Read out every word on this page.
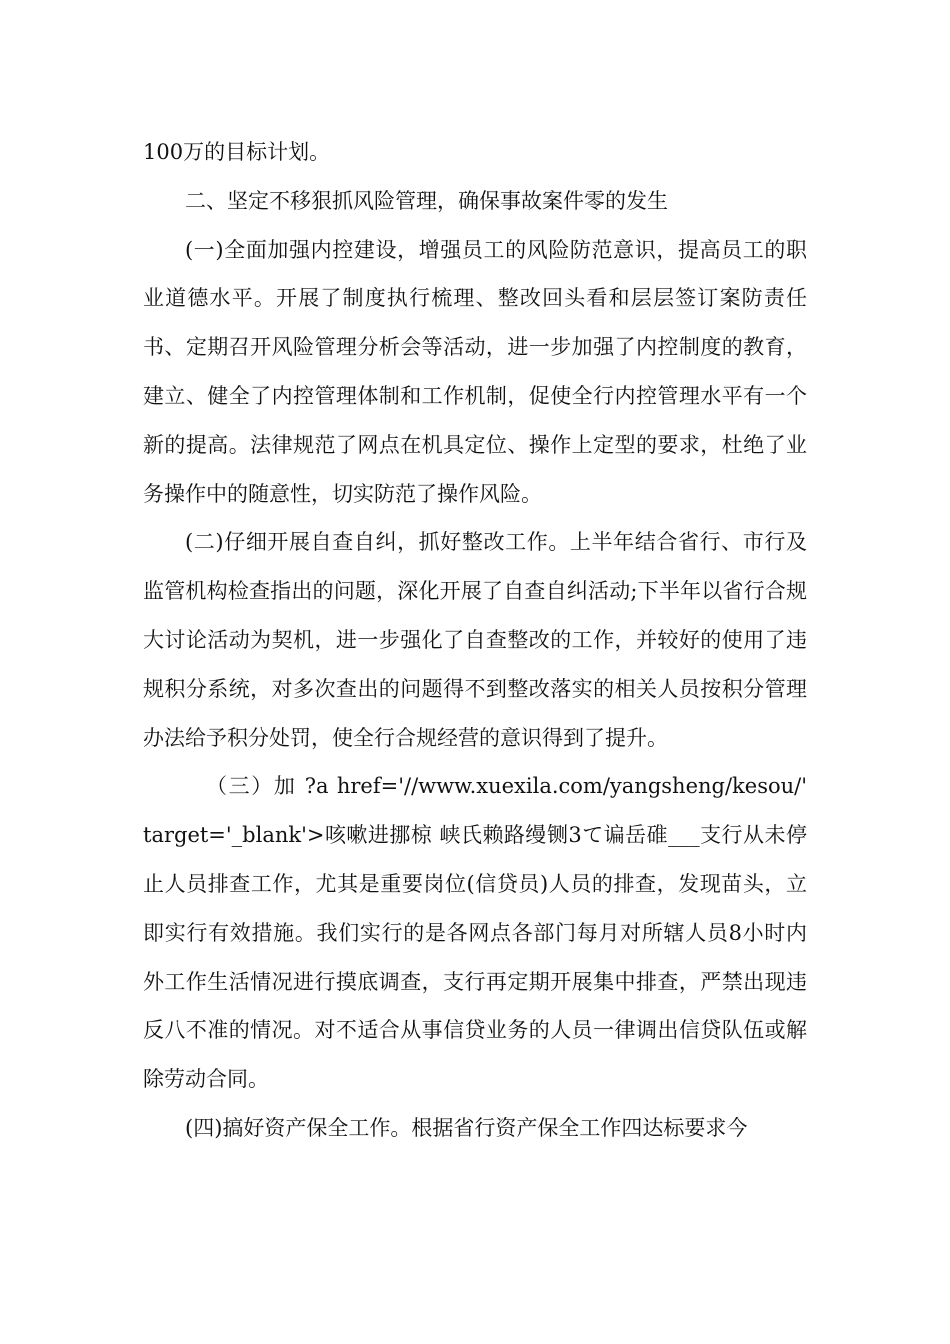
100万的目标计划。

二、坚定不移狠抓风险管理，确保事故案件零的发生

(一)全面加强内控建设，增强员工的风险防范意识，提高员工的职业道德水平。开展了制度执行梳理、整改回头看和层层签订案防责任书、定期召开风险管理分析会等活动，进一步加强了内控制度的教育，建立、健全了内控管理体制和工作机制，促使全行内控管理水平有一个新的提高。法律规范了网点在机具定位、操作上定型的要求，杜绝了业务操作中的随意性，切实防范了操作风险。

(二)仔细开展自查自纠，抓好整改工作。上半年结合省行、市行及监管机构检查指出的问题，深化开展了自查自纠活动;下半年以省行合规大讨论活动为契机，进一步强化了自查整改的工作，并较好的使用了违规积分系统，对多次查出的问题得不到整改落实的相关人员按积分管理办法给予积分处罚，使全行合规经营的意识得到了提升。

（三）加 ?a href='//www.xuexila.com/yangsheng/kesou/' target='_blank'>咳嗽进挪椋 峡氏赖路缦铡3て谝岳碓___支行从未停止人员排查工作，尤其是重要岗位(信贷员)人员的排查，发现苗头，立即实行有效措施。我们实行的是各网点各部门每月对所辖人员8小时内外工作生活情况进行摸底调查，支行再定期开展集中排查，严禁出现违反八不准的情况。对不适合从事信贷业务的人员一律调出信贷队伍或解除劳动合同。

(四)搞好资产保全工作。根据省行资产保全工作四达标要求今
